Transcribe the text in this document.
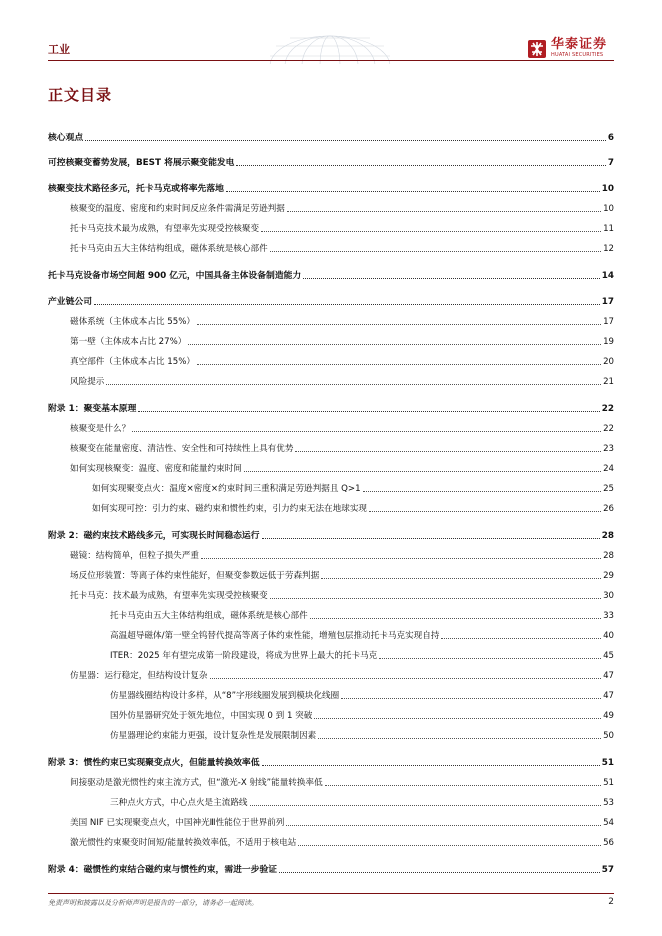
工业	华泰证券
HUATAI SECURITIES
正文目录
核心观点	6
可控核聚变蓄势发展，BEST 将展示聚变能发电	7
核聚变技术路径多元，托卡马克或将率先落地	10
核聚变的温度、密度和约束时间反应条件需满足劳逊判据	10
托卡马克技术最为成熟，有望率先实现受控核聚变	11
托卡马克由五大主体结构组成，磁体系统是核心部件	12
托卡马克设备市场空间超 900 亿元，中国具备主体设备制造能力	14
产业链公司	17
磁体系统（主体成本占比 55%）	17
第一壁（主体成本占比 27%）	19
真空部件（主体成本占比 15%）	20
风险提示	21
附录 1：聚变基本原理	22
核聚变是什么？	22
核聚变在能量密度、清洁性、安全性和可持续性上具有优势	23
如何实现核聚变：温度、密度和能量约束时间	24
如何实现聚变点火：温度×密度×约束时间三重积满足劳逊判据且 Q>1	25
如何实现可控：引力约束、磁约束和惯性约束，引力约束无法在地球实现	26
附录 2：磁约束技术路线多元，可实现长时间稳态运行	28
磁镜：结构简单，但粒子损失严重	28
场反位形装置：等离子体约束性能好，但聚变参数远低于劳森判据	29
托卡马克：技术最为成熟，有望率先实现受控核聚变	30
托卡马克由五大主体结构组成，磁体系统是核心部件	33
高温超导磁体/第一壁全钨替代提高等离子体约束性能，增殖包层推动托卡马克实现自持	40
ITER：2025 年有望完成第一阶段建设，将成为世界上最大的托卡马克	45
仿星器：运行稳定，但结构设计复杂	47
仿星器线圈结构设计多样，从“8”字形线圈发展到模块化线圈	47
国外仿星器研究处于领先地位，中国实现 0 到 1 突破	49
仿星器理论约束能力更强，设计复杂性是发展限制因素	50
附录 3：惯性约束已实现聚变点火，但能量转换效率低	51
间接驱动是激光惯性约束主流方式，但“激光-X 射线”能量转换率低	51
三种点火方式，中心点火是主流路线	53
美国 NIF 已实现聚变点火，中国神光Ⅲ性能位于世界前列	54
激光惯性约束聚变时间短/能量转换效率低，不适用于核电站	56
附录 4：磁惯性约束结合磁约束与惯性约束，需进一步验证	57
免责声明和披露以及分析师声明是报告的一部分，请务必一起阅读。	2
